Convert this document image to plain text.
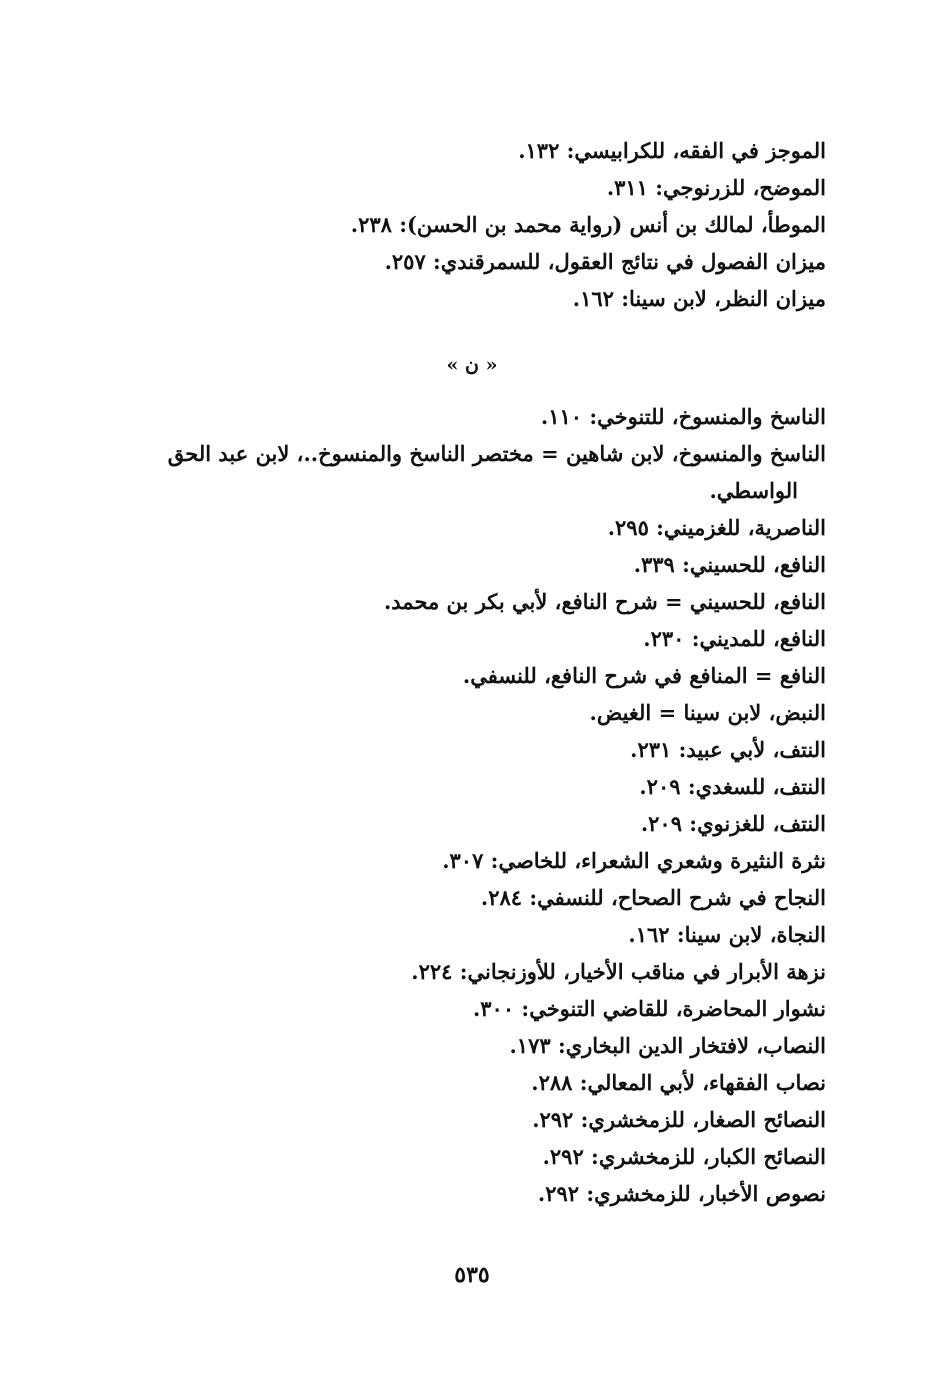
الموجز في الفقه، للكرابيسي: ١٣٢.
الموضح، للزرنوجي: ٣١١.
الموطأ، لمالك بن أنس (رواية محمد بن الحسن): ٢٣٨.
ميزان الفصول في نتائج العقول، للسمرقندي: ٢٥٧.
ميزان النظر، لابن سينا: ١٦٢.
« ن »
الناسخ والمنسوخ، للتنوخي: ١١٠.
الناسخ والمنسوخ، لابن شاهين = مختصر الناسخ والمنسوخ..، لابن عبد الحق الواسطي.
الناصرية، للغزميني: ٢٩٥.
النافع، للحسيني: ٣٣٩.
النافع، للحسيني = شرح النافع، لأبي بكر بن محمد.
النافع، للمديني: ٢٣٠.
النافع = المنافع في شرح النافع، للنسفي.
النبض، لابن سينا = الغيض.
النتف، لأبي عبيد: ٢٣١.
النتف، للسغدي: ٢٠٩.
النتف، للغزنوي: ٢٠٩.
نثرة النثيرة وشعري الشعراء، للخاصي: ٣٠٧.
النجاح في شرح الصحاح، للنسفي: ٢٨٤.
النجاة، لابن سينا: ١٦٢.
نزهة الأبرار في مناقب الأخيار، للأوزنجاني: ٢٢٤.
نشوار المحاضرة، للقاضي التنوخي: ٣٠٠.
النصاب، لافتخار الدين البخاري: ١٧٣.
نصاب الفقهاء، لأبي المعالي: ٢٨٨.
النصائح الصغار، للزمخشري: ٢٩٢.
النصائح الكبار، للزمخشري: ٢٩٢.
نصوص الأخبار، للزمخشري: ٢٩٢.
٥٣٥
